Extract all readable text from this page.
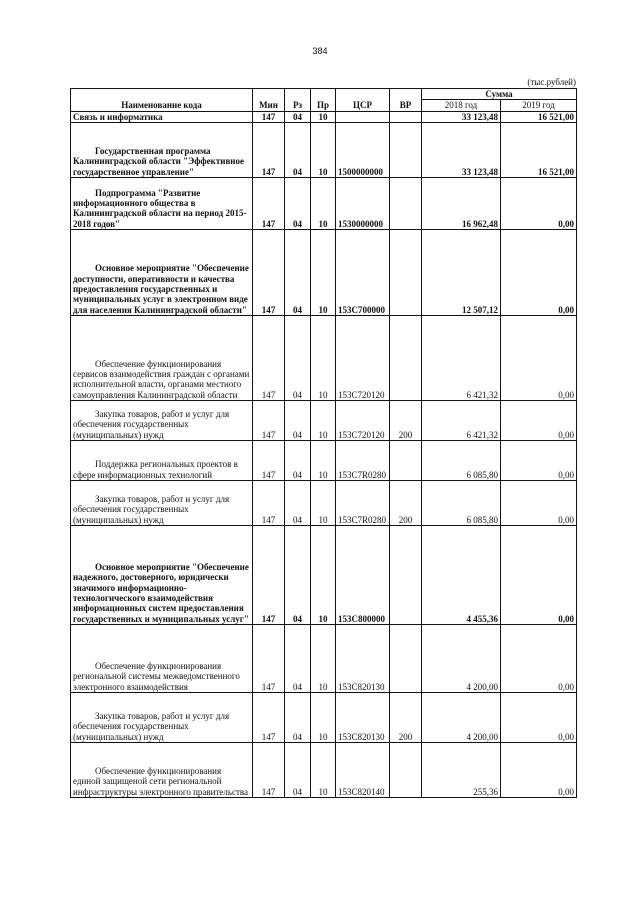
384
(тыс.рублей)
Наименование кода	Мин	Рз	Пр	ЦСР	ВР	Сумма	
						2018 год	2019 год
Связь и информатика	147	04	10			33 123,48	16 521,00
Государственная программа Калининградской области "Эффективное государственное управление"	147	04	10	1500000000		33 123,48	16 521,00
Подпрограмма "Развитие информационного общества в Калининградской области на период 2015-2018 годов"	147	04	10	1530000000		16 962,48	0,00
Основное мероприятие "Обеспечение доступности, оперативности и качества предоставления государственных и муниципальных услуг в электронном виде для населения Калининградской области"	147	04	10	153C700000		12 507,12	0,00
Обеспечение функционирования сервисов взаимодействия граждан с органами исполнительной власти, органами местного самоуправления Калининградской области	147	04	10	153C720120		6 421,32	0,00
Закупка товаров, работ и услуг для обеспечения государственных (муниципальных) нужд	147	04	10	153C720120	200	6 421,32	0,00
Поддержка региональных проектов в сфере информационных технологий	147	04	10	153C7R0280		6 085,80	0,00
Закупка товаров, работ и услуг для обеспечения государственных (муниципальных) нужд	147	04	10	153C7R0280	200	6 085,80	0,00
Основное мероприятие "Обеспечение надежного, достоверного, юридически значимого информационно-технологического взаимодействия информационных систем предоставления государственных и муниципальных услуг"	147	04	10	153C800000		4 455,36	0,00
Обеспечение функционирования региональной системы межведомственного электронного взаимодействия	147	04	10	153C820130		4 200,00	0,00
Закупка товаров, работ и услуг для обеспечения государственных (муниципальных) нужд	147	04	10	153C820130	200	4 200,00	0,00
Обеспечение функционирования единой защищеной сети региональной инфраструктуры электронного правительства	147	04	10	153C820140		255,36	0,00
